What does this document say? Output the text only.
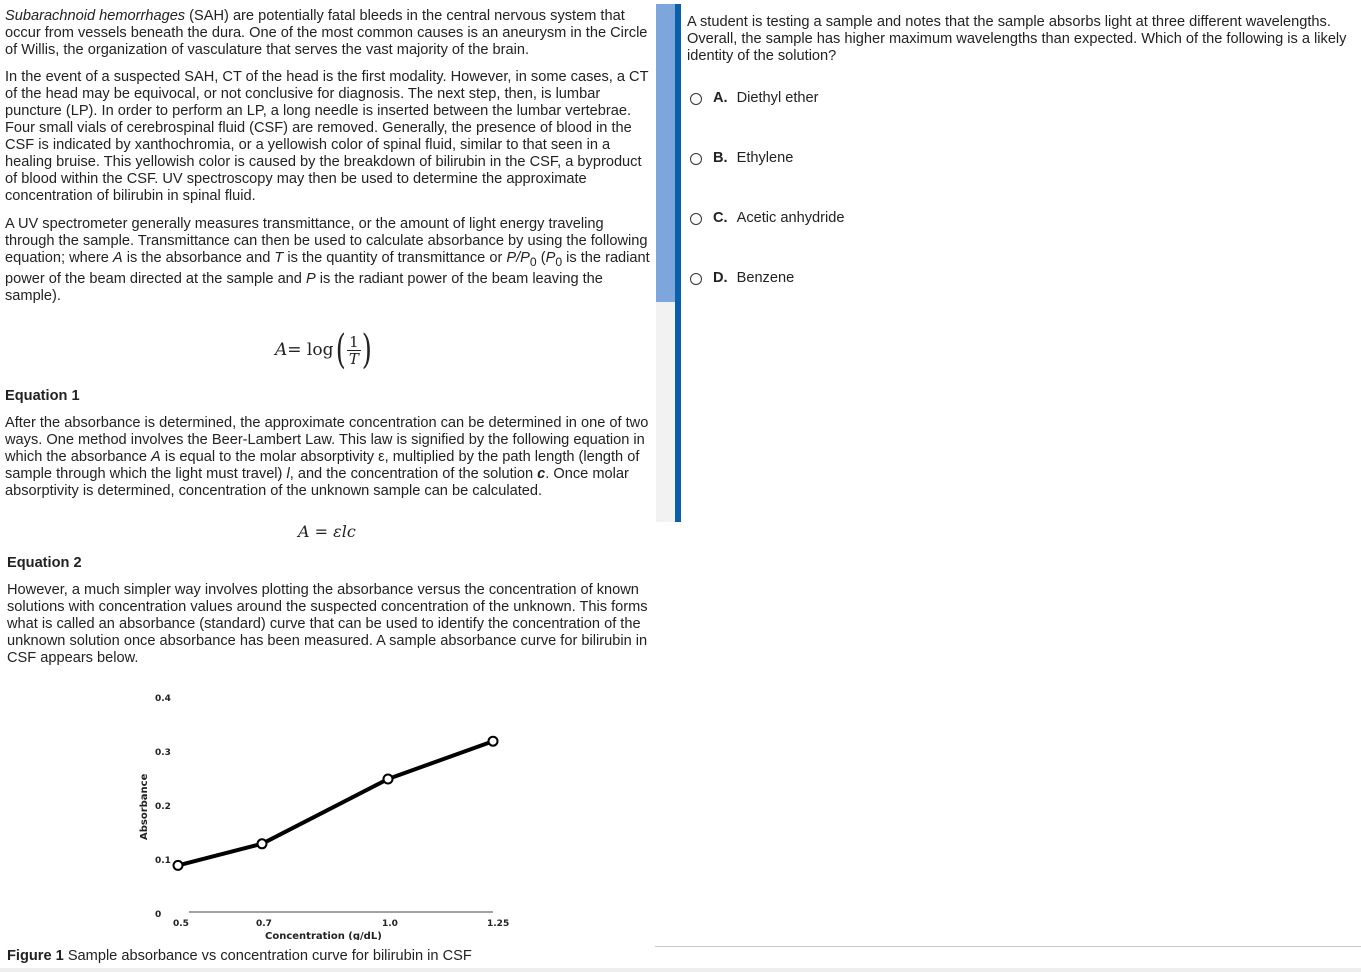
Subarachnoid hemorrhages (SAH) are potentially fatal bleeds in the central nervous system that occur from vessels beneath the dura. One of the most common causes is an aneurysm in the Circle of Willis, the organization of vasculature that serves the vast majority of the brain.

In the event of a suspected SAH, CT of the head is the first modality. However, in some cases, a CT of the head may be equivocal, or not conclusive for diagnosis. The next step, then, is lumbar puncture (LP). In order to perform an LP, a long needle is inserted between the lumbar vertebrae. Four small vials of cerebrospinal fluid (CSF) are removed. Generally, the presence of blood in the CSF is indicated by xanthochromia, or a yellowish color of spinal fluid, similar to that seen in a healing bruise. This yellowish color is caused by the breakdown of bilirubin in the CSF, a byproduct of blood within the CSF. UV spectroscopy may then be used to determine the approximate concentration of bilirubin in spinal fluid.

A UV spectrometer generally measures transmittance, or the amount of light energy traveling through the sample. Transmittance can then be used to calculate absorbance by using the following equation; where A is the absorbance and T is the quantity of transmittance or $P/P_0$ ($P_0$ is the radiant power of the beam directed at the sample and P is the radiant power of the beam leaving the sample).

A = log ( $\frac{1}{T}$ )
Equation 1

After the absorbance is determined, the approximate concentration can be determined in one of two ways. One method involves the Beer-Lambert Law. This law is signified by the following equation in which the absorbance A is equal to the molar absorptivity ε, multiplied by the path length (length of sample through which the light must travel) l, and the concentration of the solution c. Once molar absorptivity is determined, concentration of the unknown sample can be calculated.

A = εlc
Equation 2

However, a much simpler way involves plotting the absorbance versus the concentration of known solutions with concentration values around the suspected concentration of the unknown. This forms what is called an absorbance (standard) curve that can be used to identify the concentration of the unknown solution once absorbance has been measured. A sample absorbance curve for bilirubin in CSF appears below.

0
0.1
0.2
0.3
0.4
0.5	0.7	1.0	1.25
Concentration (g/dL)
Absorbance
Figure 1 Sample absorbance vs concentration curve for bilirubin in CSF
A student is testing a sample and notes that the sample absorbs light at three different wavelengths. Overall, the sample has higher maximum wavelengths than expected. Which of the following is a likely identity of the solution?
A. Diethyl ether
B. Ethylene
C. Acetic anhydride
D. Benzene
